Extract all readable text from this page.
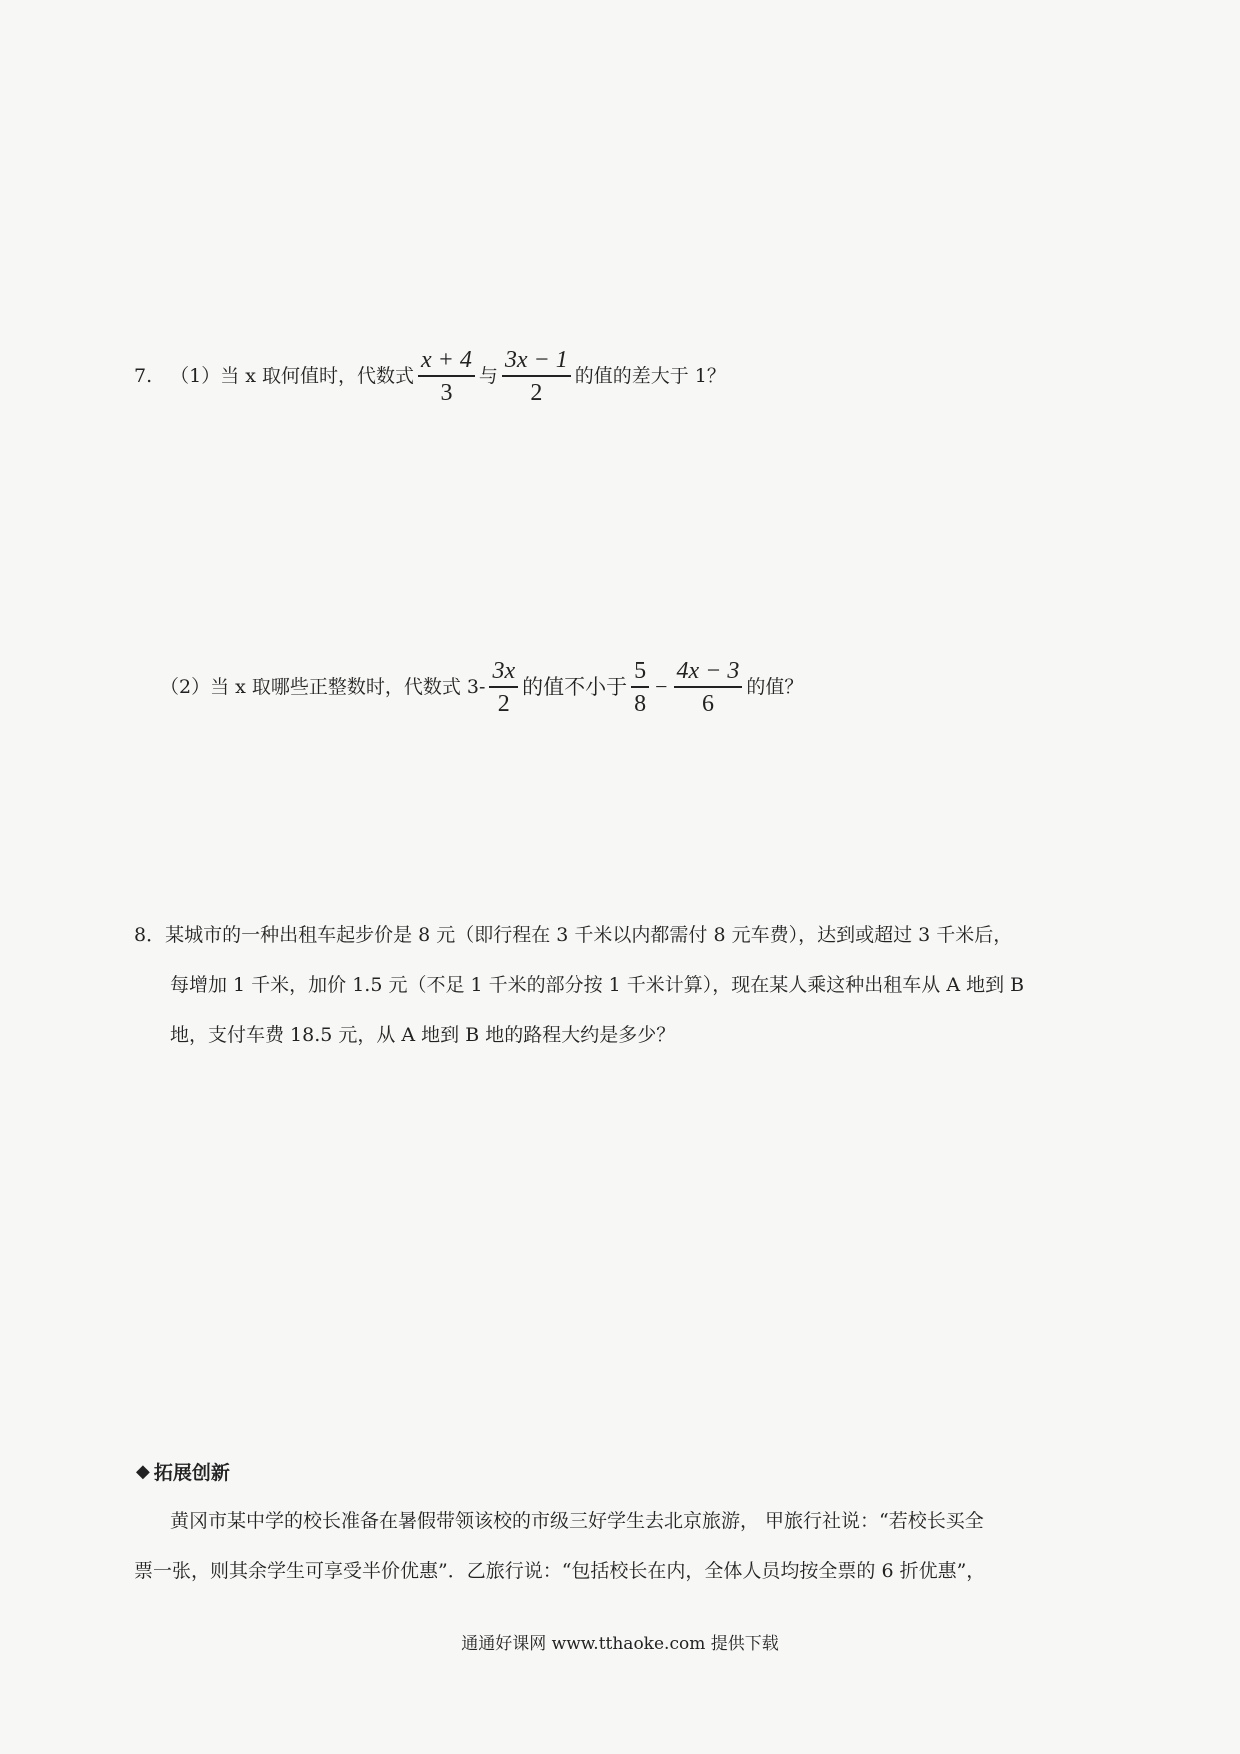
7. （1）当 x 取何值时，代数式 $\frac{x + 4}{3}$ 与 $\frac{3x - 1}{2}$ 的值的差大于 1？
（2）当 x 取哪些正整数时，代数式 $3- \frac{3x}{2}$ 的值不小于 $\frac{5}{8} - \frac{4x - 3}{6}$ 的值？
8．某城市的一种出租车起步价是 8 元（即行程在 3 千米以内都需付 8 元车费），达到或超过 3 千米后，
每增加 1 千米，加价 1.5 元（不足 1 千米的部分按 1 千米计算），现在某人乘这种出租车从 A 地到 B
地，支付车费 18.5 元，从 A 地到 B 地的路程大约是多少？
◆ 拓展创新
黄冈市某中学的校长准备在暑假带领该校的市级三好学生去北京旅游， 甲旅行社说：“若校长买全
票一张，则其余学生可享受半价优惠”．乙旅行说：“包括校长在内，全体人员均按全票的 6 折优惠”，
通通好课网 www.tthaoke.com 提供下载
